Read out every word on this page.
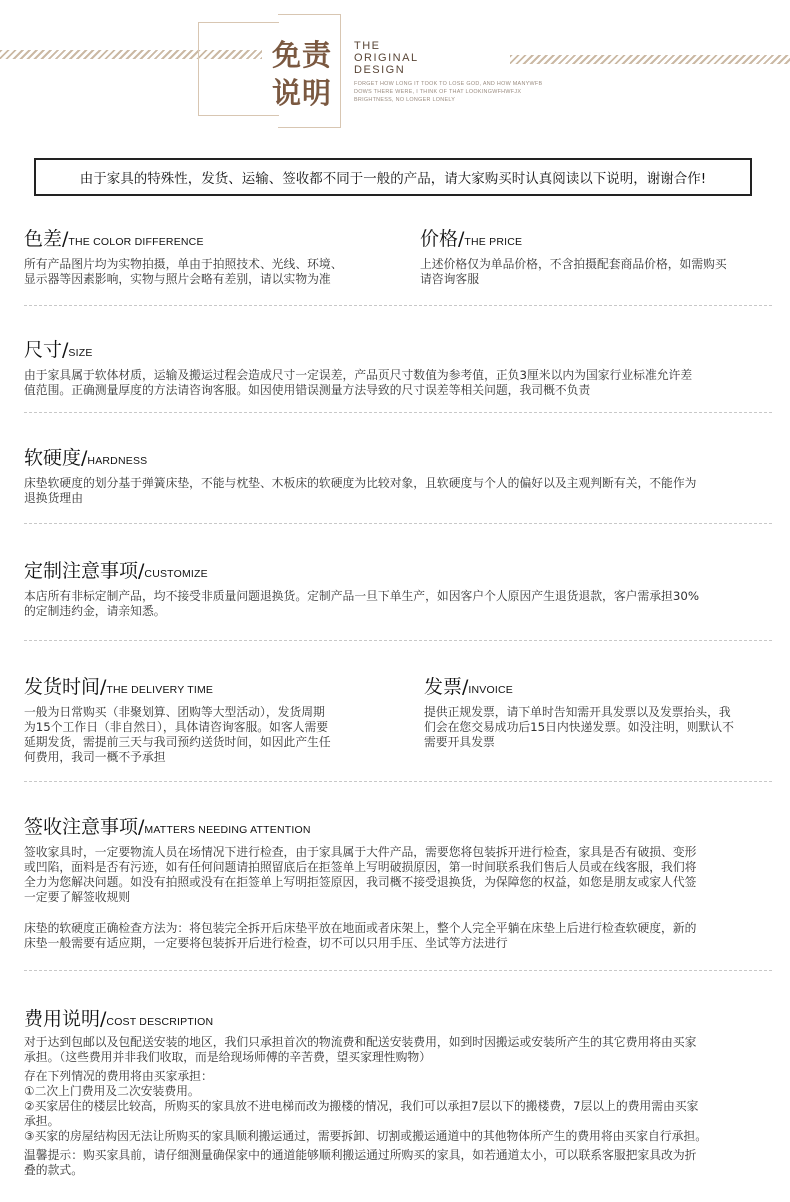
免责
说明
THE
ORIGINAL
DESIGN
FORGET HOW LONG IT TOOK TO LOSE GOD, AND HOW MANYWFB
DOWS THERE WERE, I THINK OF THAT LOOKINGWFHWFJX
BRIGHTNESS, NO LONGER LONELY
由于家具的特殊性，发货、运输、签收都不同于一般的产品，请大家购买时认真阅读以下说明，谢谢合作!
色差/THE COLOR DIFFERENCE
所有产品图片均为实物拍摄，单由于拍照技术、光线、环境、
显示器等因素影响，实物与照片会略有差别，请以实物为准
价格/THE PRICE
上述价格仅为单品价格，不含拍摄配套商品价格，如需购买
请咨询客服
尺寸/SIZE
由于家具属于软体材质，运输及搬运过程会造成尺寸一定误差，产品页尺寸数值为参考值，正负3厘米以内为国家行业标准允许差
值范围。正确测量厚度的方法请咨询客服。如因使用错误测量方法导致的尺寸误差等相关问题，我司概不负责
软硬度/HARDNESS
床垫软硬度的划分基于弹簧床垫，不能与枕垫、木板床的软硬度为比较对象，且软硬度与个人的偏好以及主观判断有关，不能作为
退换货理由
定制注意事项/CUSTOMIZE
本店所有非标定制产品，均不接受非质量问题退换货。定制产品一旦下单生产，如因客户个人原因产生退货退款，客户需承担30%
的定制违约金，请亲知悉。
发货时间/THE DELIVERY TIME
一般为日常购买（非聚划算、团购等大型活动），发货周期
为15个工作日（非自然日），具体请咨询客服。如客人需要
延期发货，需提前三天与我司预约送货时间，如因此产生任
何费用，我司一概不予承担
发票/INVOICE
提供正规发票，请下单时告知需开具发票以及发票抬头，我
们会在您交易成功后15日内快递发票。如没注明，则默认不
需要开具发票
签收注意事项/MATTERS NEEDING ATTENTION
签收家具时，一定要物流人员在场情况下进行检查，由于家具属于大件产品，需要您将包装拆开进行检查，家具是否有破损、变形
或凹陷，面料是否有污迹，如有任何问题请拍照留底后在拒签单上写明破损原因，第一时间联系我们售后人员或在线客服，我们将
全力为您解决问题。如没有拍照或没有在拒签单上写明拒签原因，我司概不接受退换货，为保障您的权益，如您是朋友或家人代签
一定要了解签收规则
床垫的软硬度正确检查方法为：将包装完全拆开后床垫平放在地面或者床架上，整个人完全平躺在床垫上后进行检查软硬度，新的
床垫一般需要有适应期，一定要将包装拆开后进行检查，切不可以只用手压、坐试等方法进行
费用说明/COST DESCRIPTION
对于达到包邮以及包配送安装的地区，我们只承担首次的物流费和配送安装费用，如到时因搬运或安装所产生的其它费用将由买家
承担。（这些费用并非我们收取，而是给现场师傅的辛苦费，望买家理性购物）
存在下列情况的费用将由买家承担：
①二次上门费用及二次安装费用。
②买家居住的楼层比较高，所购买的家具放不进电梯而改为搬楼的情况，我们可以承担7层以下的搬楼费，7层以上的费用需由买家
承担。
③买家的房屋结构因无法让所购买的家具顺利搬运通过，需要拆卸、切割或搬运通道中的其他物体所产生的费用将由买家自行承担。
温馨提示：购买家具前，请仔细测量确保家中的通道能够顺利搬运通过所购买的家具，如若通道太小，可以联系客服把家具改为折
叠的款式。
